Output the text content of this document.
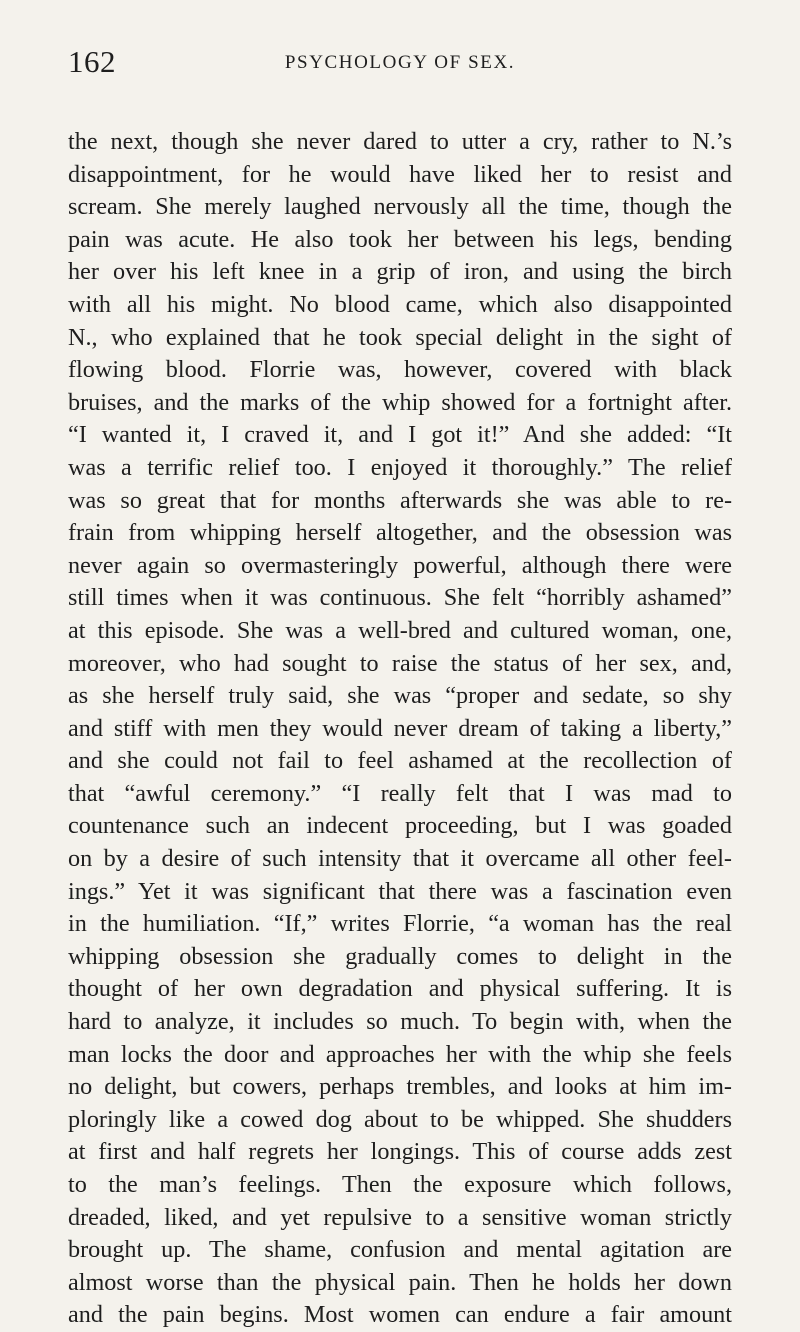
162	PSYCHOLOGY OF SEX.
the next, though she never dared to utter a cry, rather to N.’s
disappointment, for he would have liked her to resist and
scream. She merely laughed nervously all the time, though the
pain was acute. He also took her between his legs, bending
her over his left knee in a grip of iron, and using the birch
with all his might. No blood came, which also disappointed
N., who explained that he took special delight in the sight of
flowing blood. Florrie was, however, covered with black
bruises, and the marks of the whip showed for a fortnight after.
“I wanted it, I craved it, and I got it!” And she added: “It
was a terrific relief too. I enjoyed it thoroughly.” The relief
was so great that for months afterwards she was able to re-
frain from whipping herself altogether, and the obsession was
never again so overmasteringly powerful, although there were
still times when it was continuous. She felt “horribly ashamed”
at this episode. She was a well-bred and cultured woman, one,
moreover, who had sought to raise the status of her sex, and,
as she herself truly said, she was “proper and sedate, so shy
and stiff with men they would never dream of taking a liberty,”
and she could not fail to feel ashamed at the recollection of
that “awful ceremony.” “I really felt that I was mad to
countenance such an indecent proceeding, but I was goaded
on by a desire of such intensity that it overcame all other feel-
ings.” Yet it was significant that there was a fascination even
in the humiliation. “If,” writes Florrie, “a woman has the real
whipping obsession she gradually comes to delight in the
thought of her own degradation and physical suffering. It is
hard to analyze, it includes so much. To begin with, when the
man locks the door and approaches her with the whip she feels
no delight, but cowers, perhaps trembles, and looks at him im-
ploringly like a cowed dog about to be whipped. She shudders
at first and half regrets her longings. This of course adds zest
to the man’s feelings. Then the exposure which follows,
dreaded, liked, and yet repulsive to a sensitive woman strictly
brought up. The shame, confusion and mental agitation are
almost worse than the physical pain. Then he holds her down
and the pain begins. Most women can endure a fair amount
